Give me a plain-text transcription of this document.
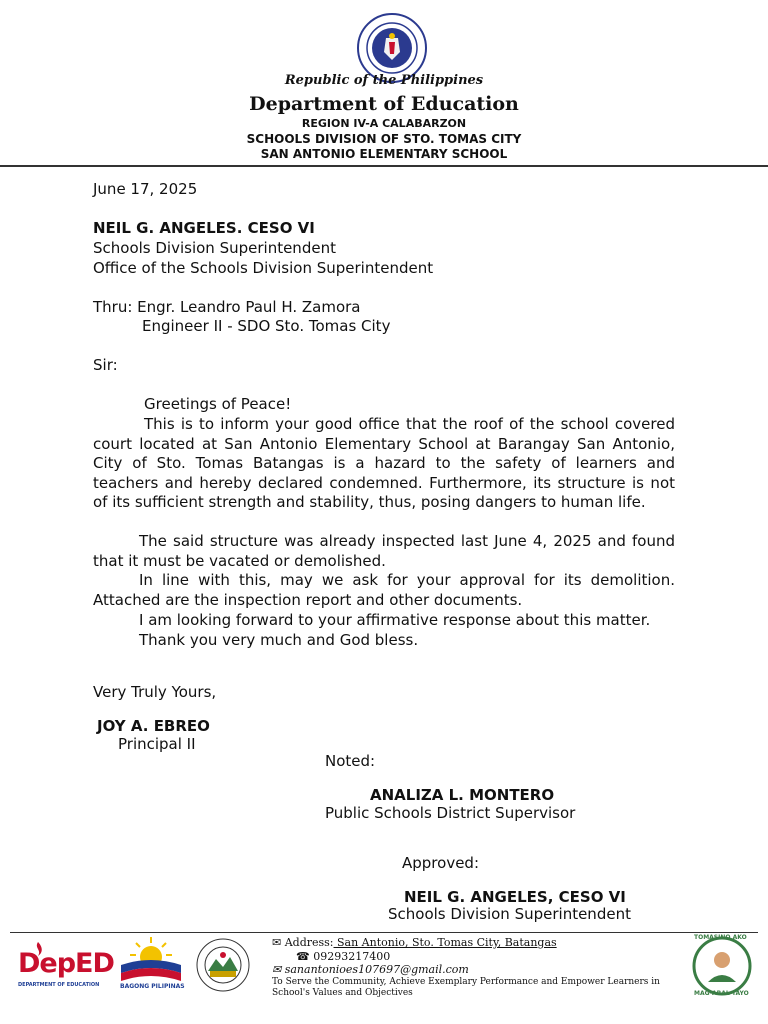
Republic of the Philippines
Department of Education
REGION IV-A CALABARZON
SCHOOLS DIVISION OF STO. TOMAS CITY
SAN ANTONIO ELEMENTARY SCHOOL
June 17, 2025
NEIL G. ANGELES. CESO VI
Schools Division Superintendent
Office of the Schools Division Superintendent
Thru: Engr. Leandro Paul H. Zamora
Engineer II - SDO Sto. Tomas City
Sir:
Greetings of Peace!
This is to inform your good office that the roof of the school covered court located at San Antonio Elementary School at Barangay San Antonio, City of Sto. Tomas Batangas is a hazard to the safety of learners and teachers and hereby declared condemned. Furthermore, its structure is not of its sufficient strength and stability, thus, posing dangers to human life.
The said structure was already inspected last June 4, 2025 and found that it must be vacated or demolished.
In line with this, may we ask for your approval for its demolition. Attached are the inspection report and other documents.
I am looking forward to your affirmative response about this matter.
Thank you very much and God bless.
Very Truly Yours,
JOY A. EBREO
Principal II
Noted:
ANALIZA L. MONTERO
Public Schools District Supervisor
Approved:
NEIL G. ANGELES, CESO VI
Schools Division Superintendent
DepED
DEPARTMENT OF EDUCATION	BAGONG PILIPINAS
✉ Address: San Antonio, Sto. Tomas City, Batangas
☎ 09293217400
✉ sanantonioes107697@gmail.com
To Serve the Community, Achieve Exemplary Performance and Empower Learners in School's Values and Objectives
TOMASINO AKO
MAG-ARAL TAYO
